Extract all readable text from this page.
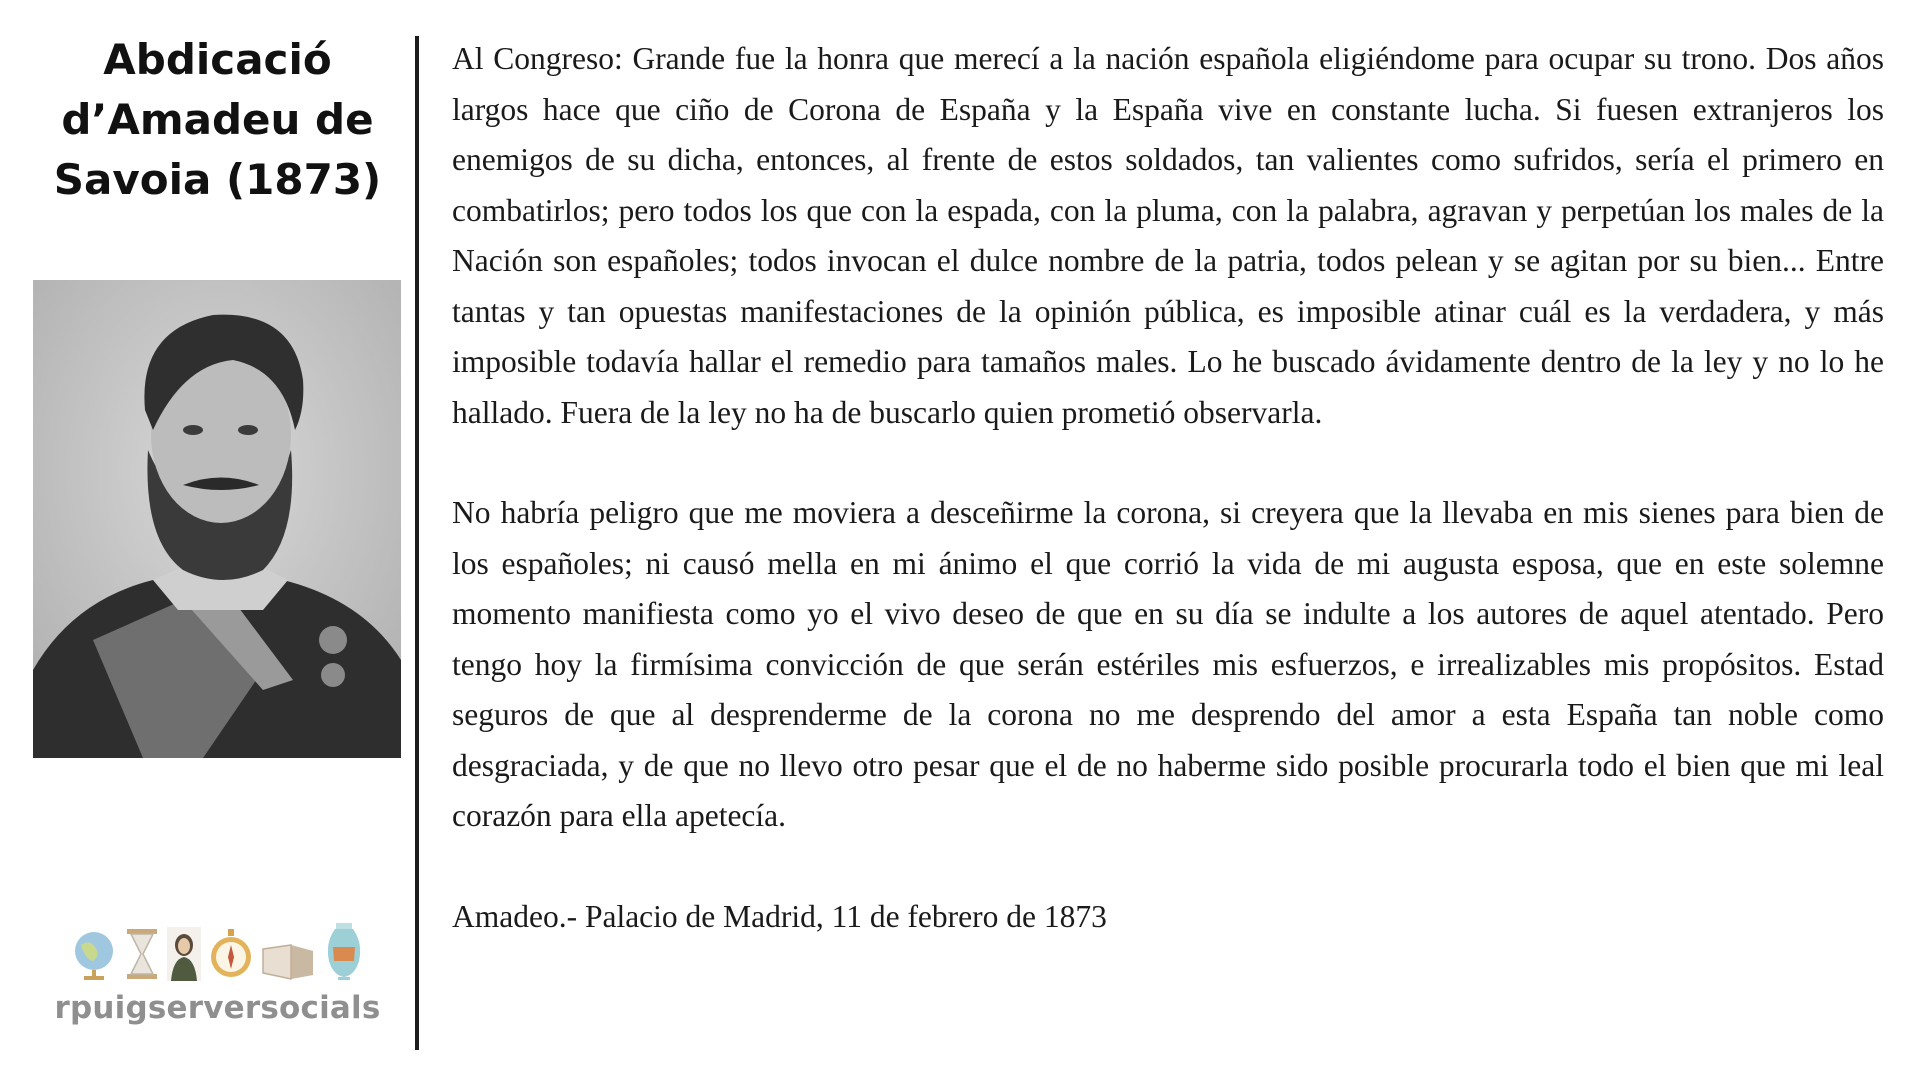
Abdicació
d’Amadeu de
Savoia (1873)
rpuigserversocials

Al Congreso: Grande fue la honra que merecí a la nación española eligiéndome para ocupar su trono. Dos años largos hace que ciño de Corona de España y la España vive en constante lucha. Si fuesen extranjeros los enemigos de su dicha, entonces, al frente de estos soldados, tan valientes como sufridos, sería el primero en combatirlos; pero todos los que con la espada, con la pluma, con la palabra, agravan y perpetúan los males de la Nación son españoles; todos invocan el dulce nombre de la patria, todos pelean y se agitan por su bien... Entre tantas y tan opuestas manifestaciones de la opinión pública, es imposible atinar cuál es la verdadera, y más imposible todavía hallar el remedio para tamaños males. Lo he buscado ávidamente dentro de la ley y no lo he hallado. Fuera de la ley no ha de buscarlo quien prometió observarla.

No habría peligro que me moviera a desceñirme la corona, si creyera que la llevaba en mis sienes para bien de los españoles; ni causó mella en mi ánimo el que corrió la vida de mi augusta esposa, que en este solemne momento manifiesta como yo el vivo deseo de que en su día se indulte a los autores de aquel atentado. Pero tengo hoy la firmísima convicción de que serán estériles mis esfuerzos, e irrealizables mis propósitos. Estad seguros de que al desprenderme de la corona no me desprendo del amor a esta España tan noble como desgraciada, y de que no llevo otro pesar que el de no haberme sido posible procurarla todo el bien que mi leal corazón para ella apetecía.

Amadeo.- Palacio de Madrid, 11 de febrero de 1873
